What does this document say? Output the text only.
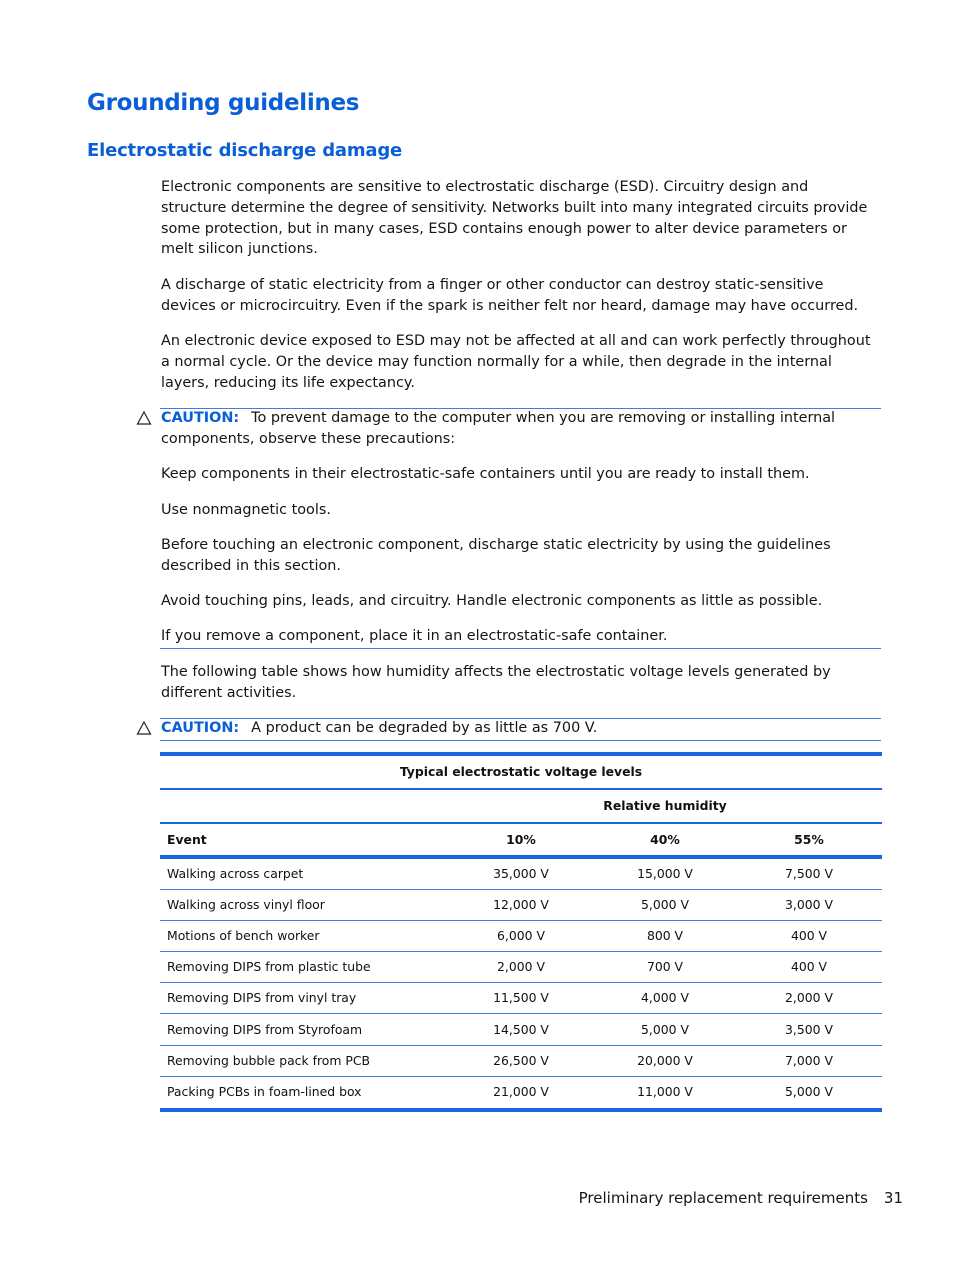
Grounding guidelines
Electrostatic discharge damage

Electronic components are sensitive to electrostatic discharge (ESD). Circuitry design and structure determine the degree of sensitivity. Networks built into many integrated circuits provide some protection, but in many cases, ESD contains enough power to alter device parameters or melt silicon junctions.

A discharge of static electricity from a finger or other conductor can destroy static-sensitive devices or microcircuitry. Even if the spark is neither felt nor heard, damage may have occurred.

An electronic device exposed to ESD may not be affected at all and can work perfectly throughout a normal cycle. Or the device may function normally for a while, then degrade in the internal layers, reducing its life expectancy.

CAUTION: To prevent damage to the computer when you are removing or installing internal components, observe these precautions:

Keep components in their electrostatic-safe containers until you are ready to install them.

Use nonmagnetic tools.

Before touching an electronic component, discharge static electricity by using the guidelines described in this section.

Avoid touching pins, leads, and circuitry. Handle electronic components as little as possible.

If you remove a component, place it in an electrostatic-safe container.

The following table shows how humidity affects the electrostatic voltage levels generated by different activities.

CAUTION: A product can be degraded by as little as 700 V.

Typical electrostatic voltage levels
Relative humidity
Event	10%	40%	55%
Walking across carpet	35,000 V	15,000 V	7,500 V
Walking across vinyl floor	12,000 V	5,000 V	3,000 V
Motions of bench worker	6,000 V	800 V	400 V
Removing DIPS from plastic tube	2,000 V	700 V	400 V
Removing DIPS from vinyl tray	11,500 V	4,000 V	2,000 V
Removing DIPS from Styrofoam	14,500 V	5,000 V	3,500 V
Removing bubble pack from PCB	26,500 V	20,000 V	7,000 V
Packing PCBs in foam-lined box	21,000 V	11,000 V	5,000 V
Preliminary replacement requirements 31
